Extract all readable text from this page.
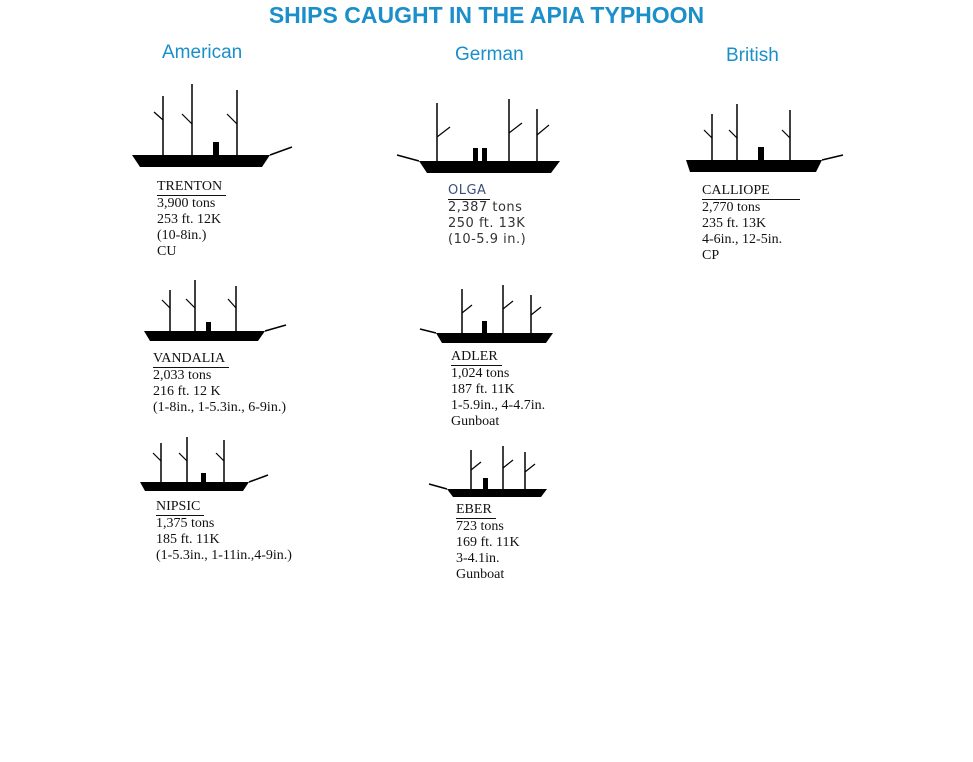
SHIPS CAUGHT IN THE APIA TYPHOON
American	German	British
TRENTON
3,900 tons
253 ft. 12K
(10-8in.)
CU
VANDALIA
2,033 tons
216 ft. 12 K
(1-8in., 1-5.3in., 6-9in.)
NIPSIC
1,375 tons
185 ft. 11K
(1-5.3in., 1-11in.,4-9in.)
OLGA
2,387 tons
250 ft. 13K
(10-5.9 in.)
ADLER
1,024 tons
187 ft. 11K
1-5.9in., 4-4.7in.
Gunboat
EBER
723 tons
169 ft. 11K
3-4.1in.
Gunboat
CALLIOPE
2,770 tons
235 ft. 13K
4-6in., 12-5in.
CP
